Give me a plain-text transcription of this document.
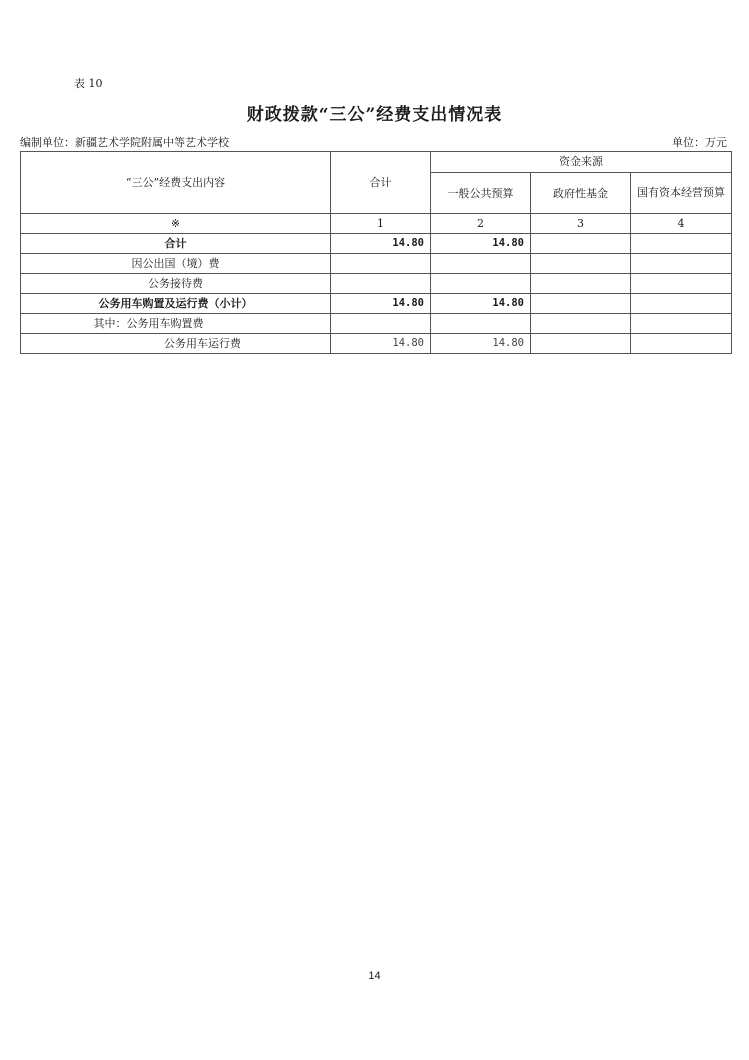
表 10
财政拨款“三公”经费支出情况表
编制单位：新疆艺术学院附属中等艺术学校	单位：万元
“三公”经费支出内容	合计	资金来源		
		一般公共预算	政府性基金	国有资本经营预算
※	1	2	3	4
合计	14.80	14.80		
因公出国（境）费				
公务接待费				
公务用车购置及运行费（小计）	14.80	14.80		
其中：公务用车购置费				
公务用车运行费	14.80	14.80		
14
